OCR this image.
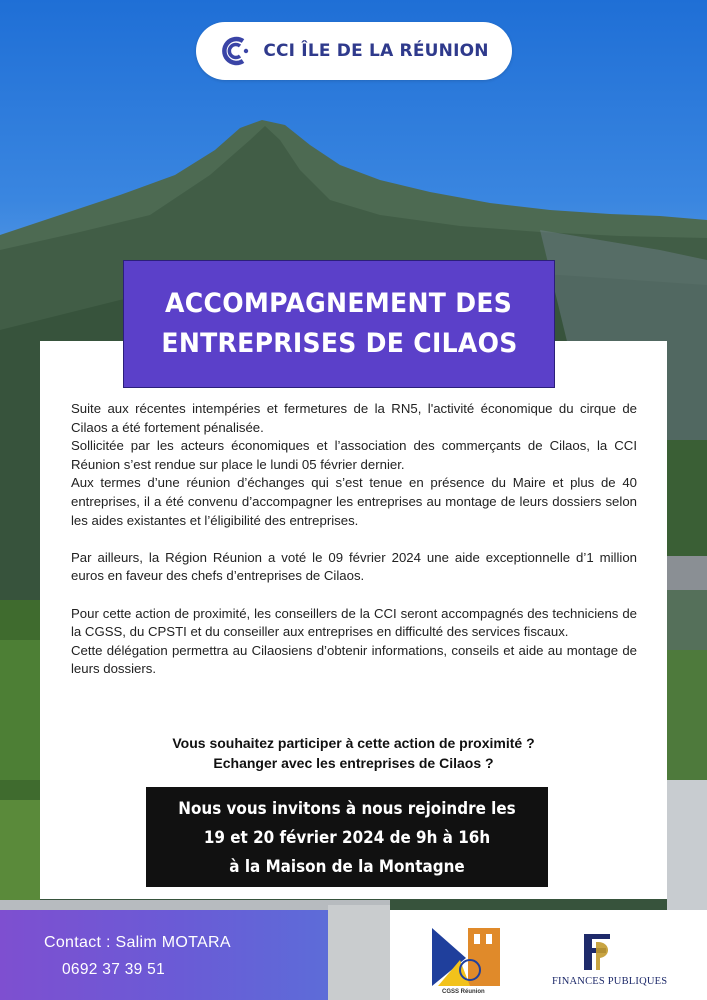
CCI ÎLE DE LA RÉUNION
ACCOMPAGNEMENT DES
ENTREPRISES DE CILAOS

Suite aux récentes intempéries et fermetures de la RN5, l'activité économique du cirque de Cilaos a été fortement pénalisée.

Sollicitée par les acteurs économiques et l’association des commerçants de Cilaos, la CCI Réunion s’est rendue sur place le lundi 05 février dernier.

Aux termes d’une réunion d’échanges qui s’est tenue en présence du Maire et plus de 40 entreprises, il a été convenu d’accompagner les entreprises au montage de leurs dossiers selon les aides existantes et l’éligibilité des entreprises.

Par ailleurs, la Région Réunion a voté le 09 février 2024 une aide exceptionnelle d’1 million euros en faveur des chefs d’entreprises de Cilaos.

Pour cette action de proximité, les conseillers de la CCI seront accompagnés des techniciens de la CGSS, du CPSTI et du conseiller aux entreprises en difficulté des services fiscaux.

Cette délégation permettra au Cilaosiens d’obtenir informations, conseils et aide au montage de leurs dossiers.

Vous souhaitez participer à cette action de proximité ?
Echanger avec les entreprises de Cilaos ?
Nous vous invitons à nous rejoindre les
19 et 20 février 2024 de 9h à 16h
à la Maison de la Montagne
Contact : Salim MOTARA
0692 37 39 51
CGSS Réunion
FINANCES PUBLIQUES
